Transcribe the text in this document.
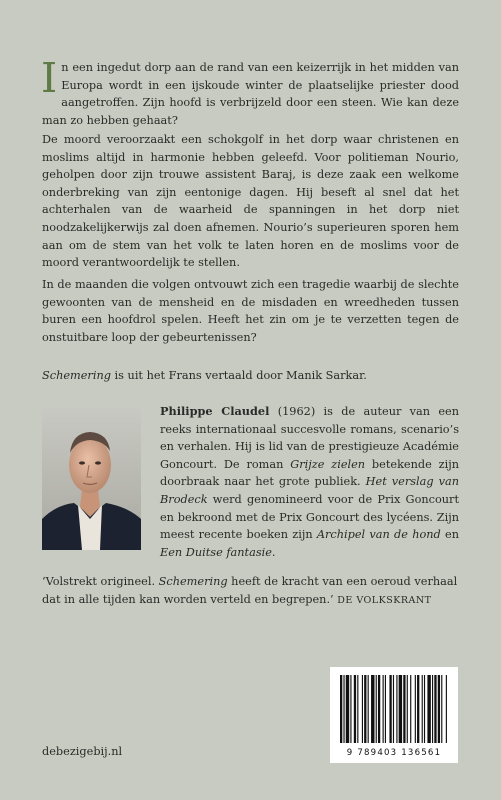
In een ingedut dorp aan de rand van een keizerrijk in het midden van Europa wordt in een ijskoude winter de plaatselijke priester dood aangetroffen. Zijn hoofd is verbrijzeld door een steen. Wie kan deze man zo hebben gehaat?
De moord veroorzaakt een schokgolf in het dorp waar christenen en moslims altijd in harmonie hebben geleefd. Voor politieman Nourio, geholpen door zijn trouwe assistent Baraj, is deze zaak een welkome onderbreking van zijn eentonige dagen. Hij beseft al snel dat het achterhalen van de waarheid de spanningen in het dorp niet noodzakelijkerwijs zal doen afnemen. Nourio’s superieuren sporen hem aan om de stem van het volk te laten horen en de moslims voor de moord verantwoordelijk te stellen.
In de maanden die volgen ontvouwt zich een tragedie waarbij de slechte gewoonten van de mensheid en de misdaden en wreedheden tussen buren een hoofdrol spelen. Heeft het zin om je te verzetten tegen de onstuitbare loop der gebeurtenissen?
Schemering is uit het Frans vertaald door Manik Sarkar.
Philippe Claudel (1962) is de auteur van een reeks internationaal succesvolle romans, scenario’s en verhalen. Hij is lid van de prestigieuze Académie Goncourt. De roman Grijze zielen betekende zijn doorbraak naar het grote publiek. Het verslag van Brodeck werd genomineerd voor de Prix Goncourt en bekroond met de Prix Goncourt des lycéens. Zijn meest recente boeken zijn Archipel van de hond en Een Duitse fantasie.
‘Volstrekt origineel. Schemering heeft de kracht van een oeroud verhaal dat in alle tijden kan worden verteld en begrepen.’ DE VOLKSKRANT
debezigebij.nl	9 789403 136561
